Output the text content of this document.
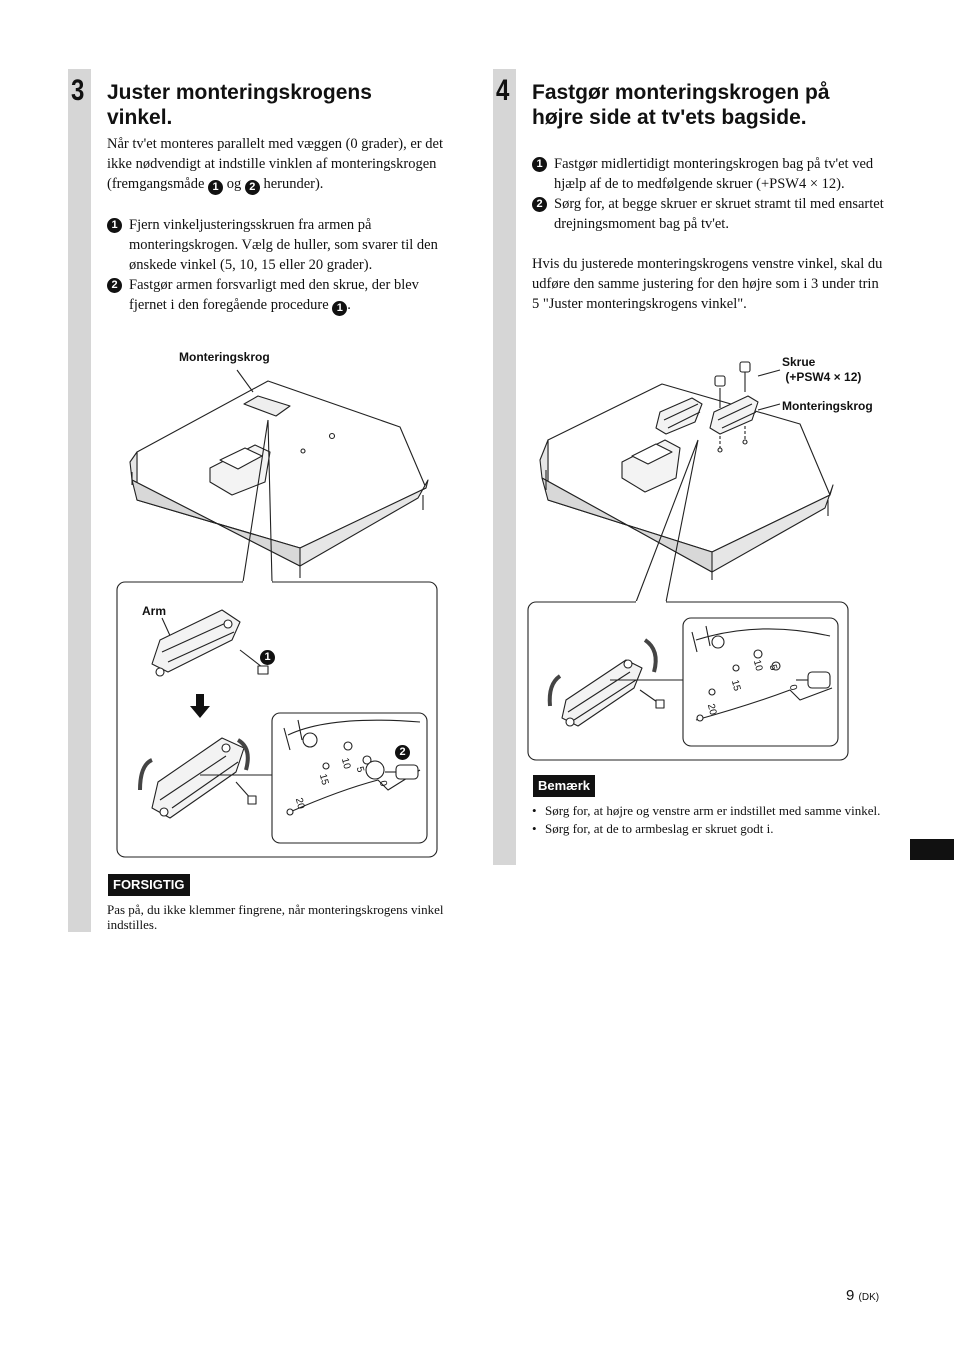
3 Juster monteringskrogens
vinkel.

Når tv'et monteres parallelt med væggen (0 grader), er det ikke nødvendigt at indstille vinklen af monteringskrogen (fremgangsmåde 1 og 2 herunder).

1 Fjern vinkeljusteringsskruen fra armen på monteringskrogen. Vælg de huller, som svarer til den ønskede vinkel (5, 10, 15 eller 20 grader).

2 Fastgør armen forsvarligt med den skrue, der blev fjernet i den foregående procedure 1 .

Monteringskrog
Arm
1
2
0
5
10
15
20
FORSIGTIG
Pas på, du ikke klemmer fingrene, når monteringskrogens vinkel indstilles.
4 Fastgør monteringskrogen på
højre side at tv'ets bagside.

1 Fastgør midlertidigt monteringskrogen bag på tv'et ved hjælp af de to medfølgende skruer (+PSW4 × 12).

2 Sørg for, at begge skruer er skruet stramt til med ensartet drejningsmoment bag på tv'et.

Hvis du justerede monteringskrogens venstre vinkel, skal du udføre den samme justering for den højre som i 3 under trin 5 "Juster monteringskrogens vinkel".

Skrue
(+PSW4 × 12)
Monteringskrog
0
5
10
15
20
Bemærk
• Sørg for, at højre og venstre arm er indstillet med samme vinkel.
• Sørg for, at de to armbeslag er skruet godt i.
9 (DK)
